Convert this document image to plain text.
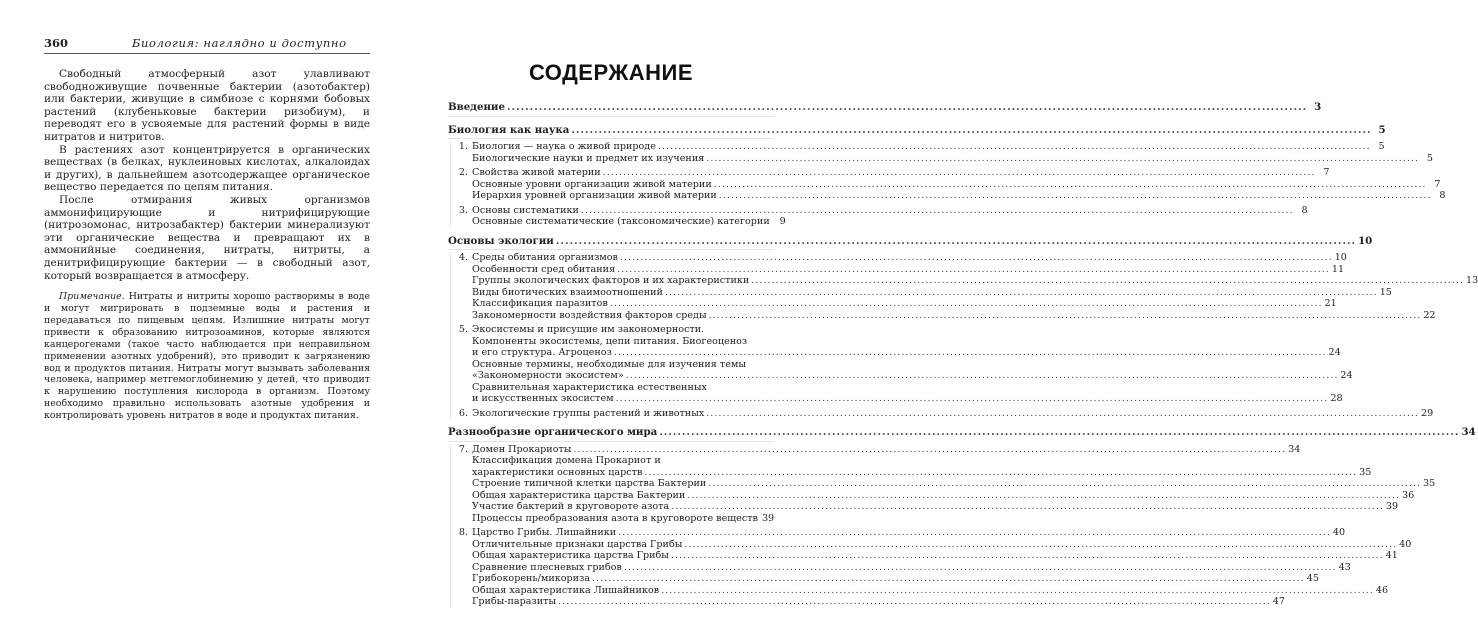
360	Биология: наглядно и доступно

Свободный атмосферный азот улавливают свободноживущие почвенные бактерии (азотобактер) или бактерии, живущие в симбиозе с корнями бобовых растений (клубеньковые бактерии ризобиум), и переводят его в усвояемые для растений формы в виде нитратов и нитритов.

В растениях азот концентрируется в органических веществах (в белках, нуклеиновых кислотах, алкалоидах и других), в дальнейшем азотсодержащее органическое вещество передается по цепям питания.

После отмирания живых организмов аммонифицирующие и нитрифицирующие (нитрозомонас, нитрозабактер) бактерии минерализуют эти органические вещества и превращают их в аммонийные соединения, нитраты, нитриты, а денитрифицирующие бактерии — в свободный азот, который возвращается в атмосферу.

Примечание. Нитраты и нитриты хорошо растворимы в воде и могут мигрировать в подземные воды и растения и передаваться по пищевым цепям. Излишние нитраты могут привести к образованию нитрозоаминов, которые являются канцерогенами (такое часто наблюдается при неправильном применении азотных удобрений), это приводит к загрязнению вод и продуктов питания. Нитраты могут вызывать заболевания человека, например метгемоглобинемию у детей, что приводит к нарушению поступления кислорода в организм. Поэтому необходимо правильно использовать азотные удобрения и контролировать уровень нитратов в воде и продуктах питания.
СОДЕРЖАНИЕ
Введение .....	3
Биология как наука .....	5
1. Биология — наука о живой природе .....	5
Биологические науки и предмет их изучения .....	5
2. Свойства живой материи .....	7
Основные уровни организации живой материи .....	7
Иерархия уровней организации живой материи .....	8
3. Основы систематики .....	8
Основные систематические (таксономические) категории	9
Основы экологии .....	10
4. Среды обитания организмов .....	10
Особенности сред обитания .....	11
Группы экологических факторов и их характеристики .....	13
Виды биотических взаимоотношений .....	15
Классификация паразитов .....	21
Закономерности воздействия факторов среды .....	22
5. Экосистемы и присущие им закономерности.
Компоненты экосистемы, цепи питания. Биогеоценоз
и его структура. Агроценоз .....	24
Основные термины, необходимые для изучения темы
«Закономерности экосистем» .....	24
Сравнительная характеристика естественных
и искусственных экосистем .....	28
6. Экологические группы растений и животных .....	29
Разнообразие органического мира .....	34
7. Домен Прокариоты .....	34
Классификация домена Прокариот и
характеристики основных царств .....	35
Строение типичной клетки царства Бактерии .....	35
Общая характеристика царства Бактерии .....	36
Участие бактерий в круговороте азота .....	39
Процессы преобразования азота в круговороте веществ 39
8. Царство Грибы. Лишайники .....	40
Отличительные признаки царства Грибы .....	40
Общая характеристика царства Грибы .....	41
Сравнение плесневых грибов .....	43
Грибокорень/микориза .....	45
Общая характеристика Лишайников .....	46
Грибы-паразиты .....	47
